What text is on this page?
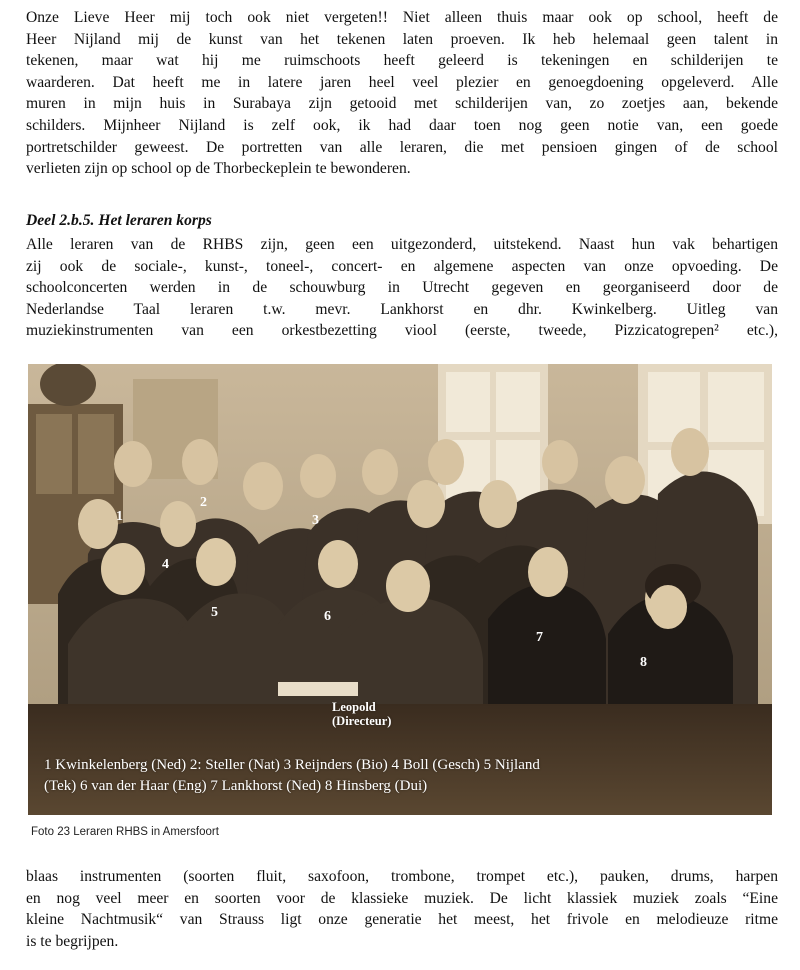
Onze Lieve Heer mij toch ook niet vergeten!! Niet alleen thuis maar ook op school, heeft de
Heer Nijland mij de kunst van het tekenen laten proeven. Ik heb helemaal geen talent in
tekenen, maar wat hij me ruimschoots heeft geleerd is tekeningen en schilderijen te
waarderen. Dat heeft me in latere jaren heel veel plezier en genoegdoening opgeleverd. Alle
muren in mijn huis in Surabaya zijn getooid met schilderijen van, zo zoetjes aan, bekende
schilders. Mijnheer Nijland is zelf ook, ik had daar toen nog geen notie van, een goede
portretschilder geweest. De portretten van alle leraren, die met pensioen gingen of de school
verlieten zijn op school op de Thorbeckeplein te bewonderen.
Deel 2.b.5. Het leraren korps
Alle leraren van de RHBS zijn, geen een uitgezonderd, uitstekend. Naast hun vak behartigen
zij ook de sociale-, kunst-, toneel-, concert- en algemene aspecten van onze opvoeding. De
schoolconcerten werden in de schouwburg in Utrecht gegeven en georganiseerd door de
Nederlandse Taal leraren t.w. mevr. Lankhorst en dhr. Kwinkelberg. Uitleg van
muziekinstrumenten van een orkestbezetting viool (eerste, tweede, Pizzicatogrepen² etc.),
1
2
3
4
5	6
7
8
Leopold
(Directeur)
1 Kwinkelenberg (Ned) 2: Steller (Nat) 3 Reijnders (Bio) 4 Boll (Gesch) 5 Nijland
(Tek) 6 van der Haar (Eng) 7 Lankhorst (Ned) 8 Hinsberg (Dui)

Foto 23 Leraren RHBS in Amersfoort

blaas instrumenten (soorten fluit, saxofoon, trombone, trompet etc.), pauken, drums, harpen
en nog veel meer en soorten voor de klassieke muziek. De licht klassiek muziek zoals “Eine
kleine Nachtmusik“ van Strauss ligt onze generatie het meest, het frivole en melodieuze ritme
is te begrijpen.
